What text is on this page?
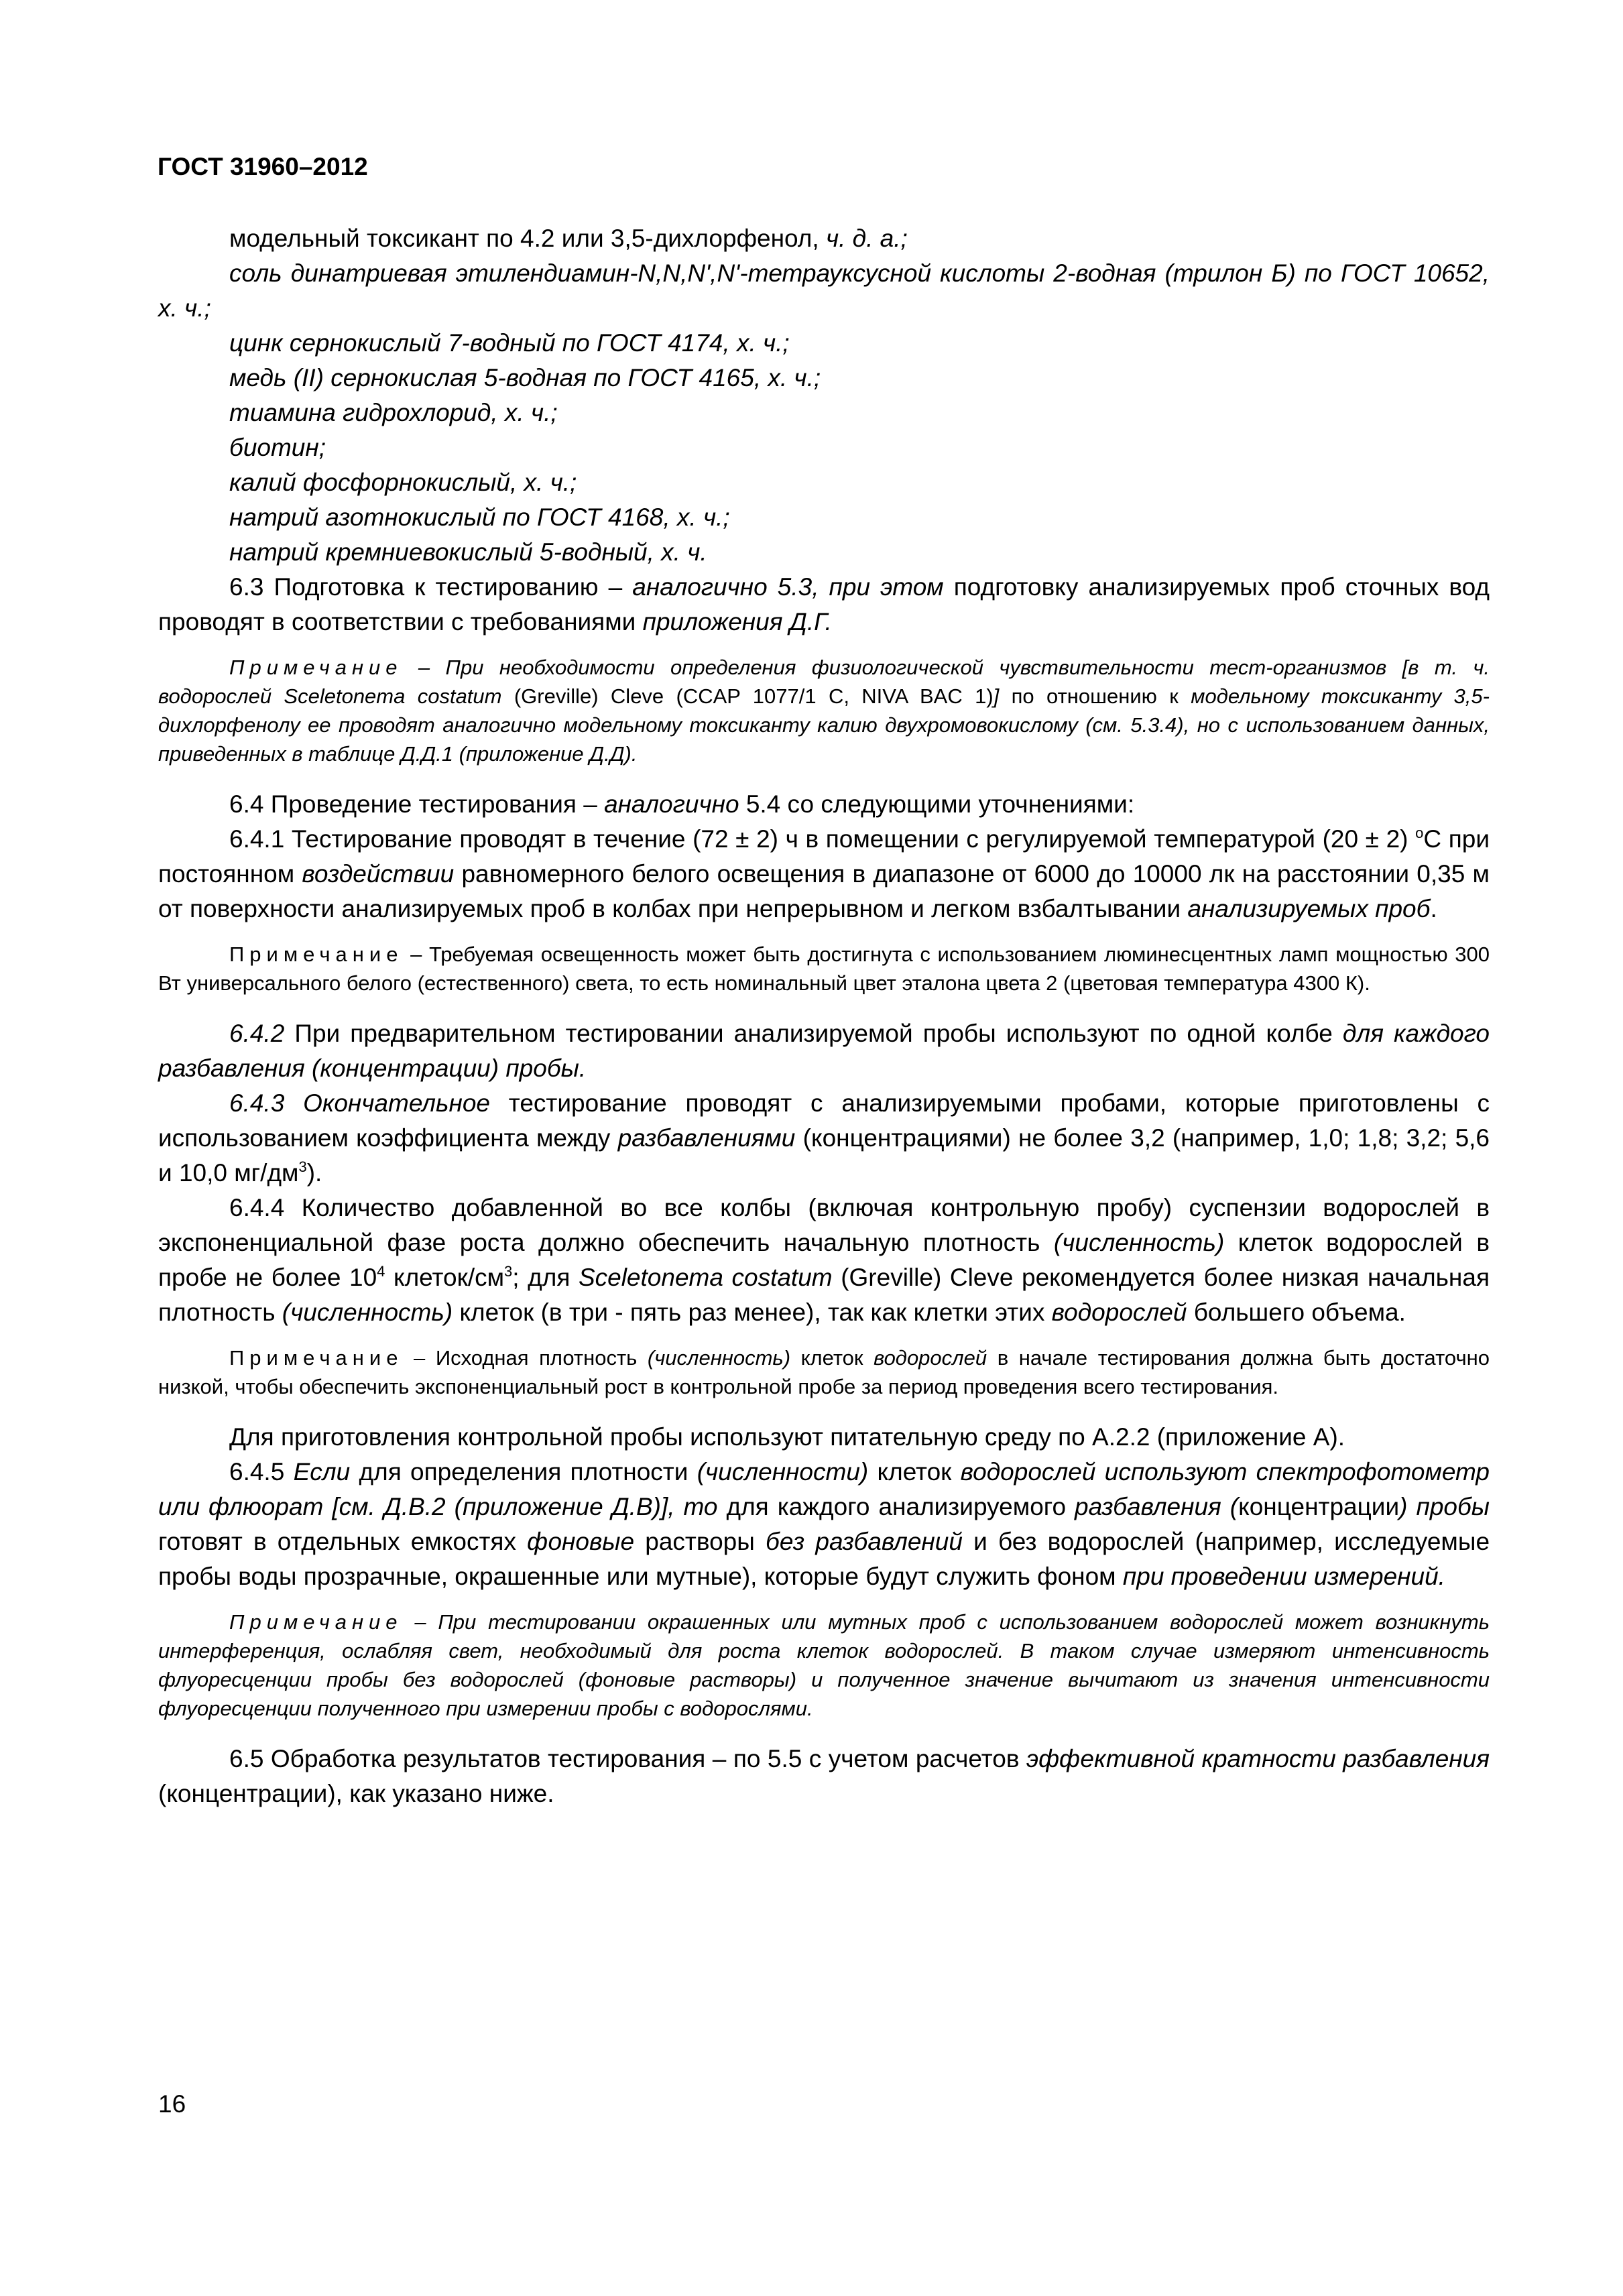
ГОСТ 31960–2012

модельный токсикант по 4.2 или 3,5-дихлорфенол, ч. д. а.;

соль динатриевая этилендиамин-N,N,N',N'-тетрауксусной кислоты 2-водная (трилон Б) по ГОСТ 10652, х. ч.;

цинк сернокислый 7-водный по ГОСТ 4174, х. ч.;

медь (II) сернокислая 5-водная по ГОСТ 4165, х. ч.;

тиамина гидрохлорид, х. ч.;

биотин;

калий фосфорнокислый, х. ч.;

натрий азотнокислый по ГОСТ 4168, х. ч.;

натрий кремниевокислый 5-водный, х. ч.

6.3 Подготовка к тестированию – аналогично 5.3, при этом подготовку анализируемых проб сточных вод проводят в соответствии с требованиями приложения Д.Г.

Примечание – При необходимости определения физиологической чувствительности тест-организмов [в т. ч. водорослей Sceletonema costatum (Greville) Cleve (CCAP 1077/1 C, NIVA BAC 1)] по отношению к модельному токсиканту 3,5-дихлорфенолу ее проводят аналогично модельному токсиканту калию двухромовокислому (см. 5.3.4), но с использованием данных, приведенных в таблице Д.Д.1 (приложение Д.Д).

6.4 Проведение тестирования – аналогично 5.4 со следующими уточнениями:

6.4.1 Тестирование проводят в течение (72 ± 2) ч в помещении с регулируемой температурой (20 ± 2) $^о$С при постоянном воздействии равномерного белого освещения в диапазоне от 6000 до 10000 лк на расстоянии 0,35 м от поверхности анализируемых проб в колбах при непрерывном и легком взбалтывании анализируемых проб.

Примечание – Требуемая освещенность может быть достигнута с использованием люминесцентных ламп мощностью 300 Вт универсального белого (естественного) света, то есть номинальный цвет эталона цвета 2 (цветовая температура 4300 К).

6.4.2 При предварительном тестировании анализируемой пробы используют по одной колбе для каждого разбавления (концентрации) пробы.

6.4.3 Окончательное тестирование проводят с анализируемыми пробами, которые приготовлены с использованием коэффициента между разбавлениями (концентрациями) не более 3,2 (например, 1,0; 1,8; 3,2; 5,6 и 10,0 $мг/дм^3$).

6.4.4 Количество добавленной во все колбы (включая контрольную пробу) суспензии водорослей в экспоненциальной фазе роста должно обеспечить начальную плотность (численность) клеток водорослей в пробе не более $10^4$ клеток/$см^3$; для Sceletonema costatum (Greville) Cleve рекомендуется более низкая начальная плотность (численность) клеток (в три - пять раз менее), так как клетки этих водорослей большего объема.

Примечание – Исходная плотность (численность) клеток водорослей в начале тестирования должна быть достаточно низкой, чтобы обеспечить экспоненциальный рост в контрольной пробе за период проведения всего тестирования.

Для приготовления контрольной пробы используют питательную среду по А.2.2 (приложение А).

6.4.5 Если для определения плотности (численности) клеток водорослей используют спектрофотометр или флюорат [см. Д.В.2 (приложение Д.В)], то для каждого анализируемого разбавления (концентрации) пробы готовят в отдельных емкостях фоновые растворы без разбавлений и без водорослей (например, исследуемые пробы воды прозрачные, окрашенные или мутные), которые будут служить фоном при проведении измерений.

Примечание – При тестировании окрашенных или мутных проб с использованием водорослей может возникнуть интерференция, ослабляя свет, необходимый для роста клеток водорослей. В таком случае измеряют интенсивность флуоресценции пробы без водорослей (фоновые растворы) и полученное значение вычитают из значения интенсивности флуоресценции полученного при измерении пробы с водорослями.

6.5 Обработка результатов тестирования – по 5.5 с учетом расчетов эффективной кратности разбавления (концентрации), как указано ниже.

16
